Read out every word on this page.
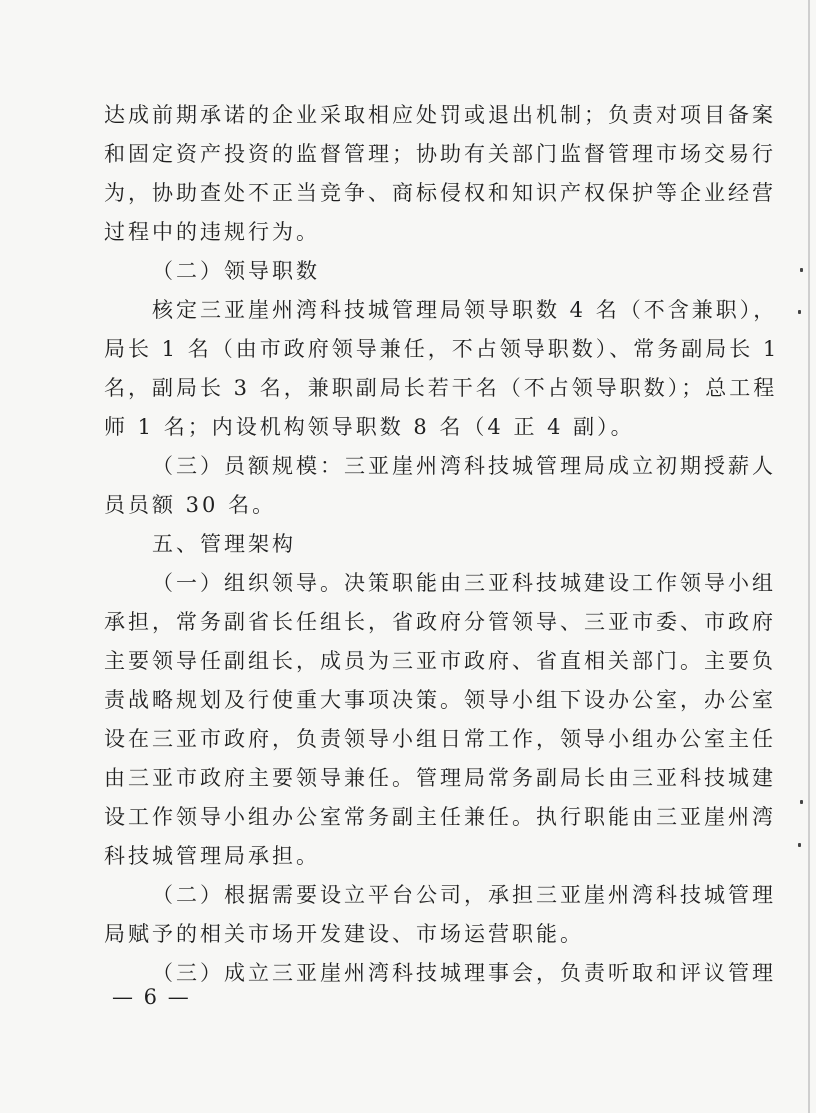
达成前期承诺的企业采取相应处罚或退出机制；负责对项目备案
和固定资产投资的监督管理；协助有关部门监督管理市场交易行
为，协助查处不正当竞争、商标侵权和知识产权保护等企业经营
过程中的违规行为。
（二）领导职数
核定三亚崖州湾科技城管理局领导职数 4 名（不含兼职），
局长 1 名（由市政府领导兼任，不占领导职数）、常务副局长 1
名，副局长 3 名，兼职副局长若干名（不占领导职数）；总工程
师 1 名；内设机构领导职数 8 名（4 正 4 副）。
（三）员额规模：三亚崖州湾科技城管理局成立初期授薪人
员员额 30 名。
五、管理架构
（一）组织领导。决策职能由三亚科技城建设工作领导小组
承担，常务副省长任组长，省政府分管领导、三亚市委、市政府
主要领导任副组长，成员为三亚市政府、省直相关部门。主要负
责战略规划及行使重大事项决策。领导小组下设办公室，办公室
设在三亚市政府，负责领导小组日常工作，领导小组办公室主任
由三亚市政府主要领导兼任。管理局常务副局长由三亚科技城建
设工作领导小组办公室常务副主任兼任。执行职能由三亚崖州湾
科技城管理局承担。
（二）根据需要设立平台公司，承担三亚崖州湾科技城管理
局赋予的相关市场开发建设、市场运营职能。
（三）成立三亚崖州湾科技城理事会，负责听取和评议管理
— 6 —
